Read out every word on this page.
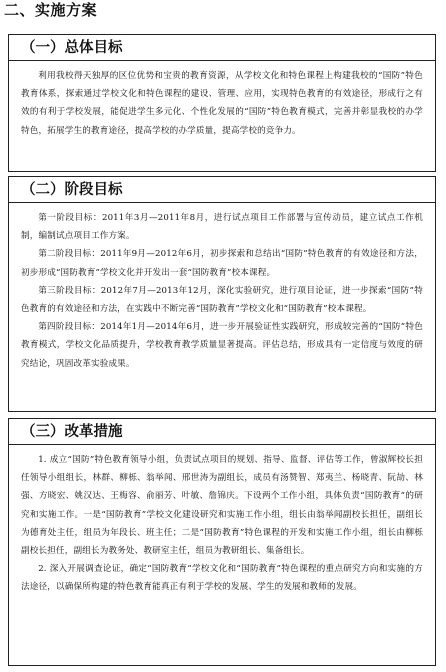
二、实施方案
（一）总体目标

利用我校得天独厚的区位优势和宝贵的教育资源，从学校文化和特色课程上构建我校的“国防”特色教育体系，探索通过学校文化和特色课程的建设、管理、应用，实现特色教育的有效途径，形成行之有效的有利于学校发展，能促进学生多元化、个性化发展的“国防”特色教育模式，完善并彰显我校的办学特色，拓展学生的教育途径，提高学校的办学质量，提高学校的竞争力。

（二）阶段目标

第一阶段目标：2011年3月—2011年8月，进行试点项目工作部署与宣传动员，建立试点工作机制，编制试点项目工作方案。

第二阶段目标：2011年9月—2012年6月，初步探索和总结出“国防”特色教育的有效途径和方法，初步形成“国防教育”学校文化并开发出一套“国防教育”校本课程。

第三阶段目标：2012年7月—2013年12月，深化实验研究，进行项目论证，进一步探索“国防”特色教育的有效途径和方法，在实践中不断完善“国防教育”学校文化和“国防教育”校本课程。

第四阶段目标：2014年1月—2014年6月，进一步开展验证性实践研究，形成较完善的“国防”特色教育模式，学校文化品质提升，学校教育教学质量显著提高。评估总结，形成具有一定信度与效度的研究结论，巩固改革实验成果。

（三）改革措施

1. 成立“国防”特色教育领导小组，负责试点项目的规划、指导、监督、评估等工作，曾淑辉校长担任领导小组组长，林群、柳栎、翁举闻、邢世涛为副组长，成员有汤赞智、郑夷兰、杨晓青、阮劼、林强、方晓宏、姚汉达、王梅容、俞丽芳、叶敏、詹锦庆。下设两个工作小组，具体负责“国防教育”的研究和实施工作。一是“国防教育”学校文化建设研究和实施工作小组，组长由翁举闻副校长担任，副组长为德育处主任，组员为年段长、班主任；二是“国防教育”特色课程的开发和实施工作小组，组长由柳栎副校长担任，副组长为教务处、教研室主任，组员为教研组长、集备组长。

2. 深入开展调查论证，确定“国防教育”学校文化和“国防教育”特色课程的重点研究方向和实施的方法途径，以确保所构建的特色教育能真正有利于学校的发展、学生的发展和教师的发展。
